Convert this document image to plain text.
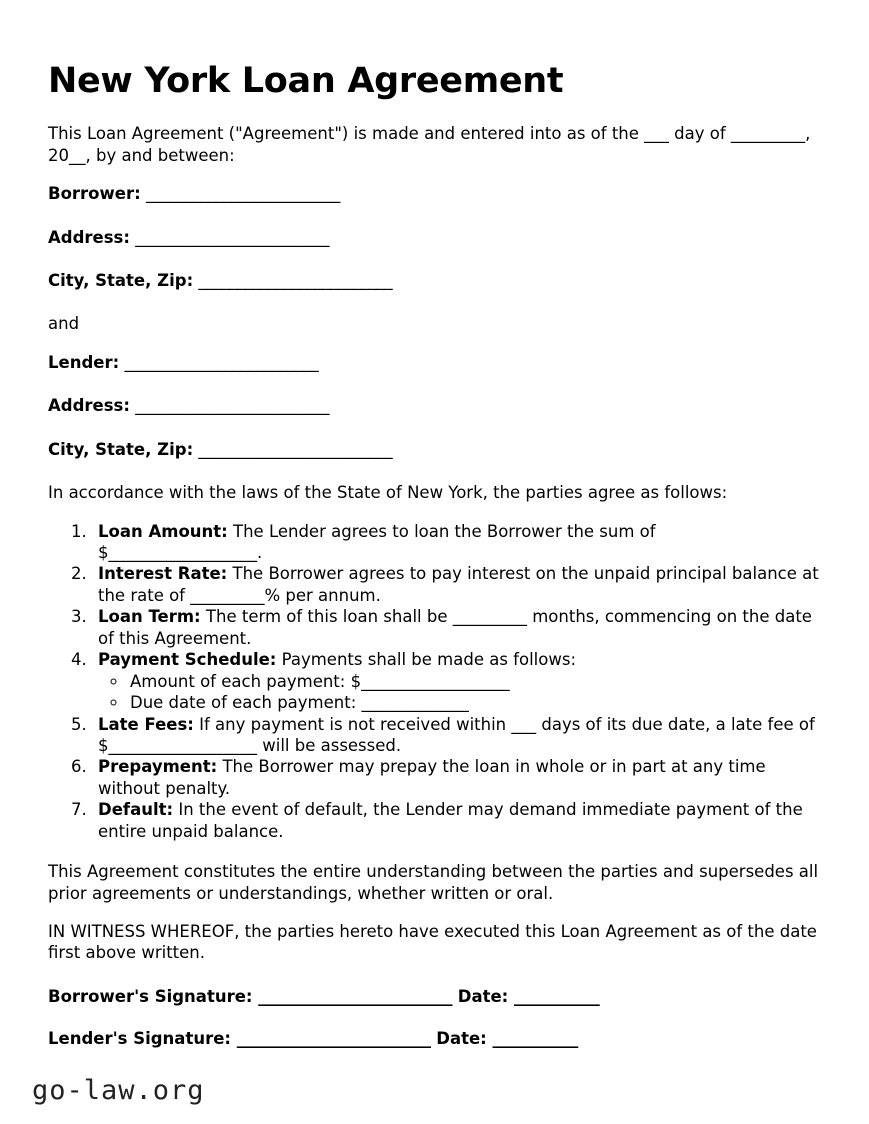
New York Loan Agreement

This Loan Agreement ("Agreement") is made and entered into as of the ___ day of _________, 20__, by and between:

Borrower: _________________________
Address: _________________________
City, State, Zip: _________________________

and

Lender: _________________________
Address: _________________________
City, State, Zip: _________________________

In accordance with the laws of the State of New York, the parties agree as follows:

1. Loan Amount: The Lender agrees to loan the Borrower the sum of $__________________.
2. Interest Rate: The Borrower agrees to pay interest on the unpaid principal balance at the rate of _________% per annum.
3. Loan Term: The term of this loan shall be _________ months, commencing on the date of this Agreement.
4. Payment Schedule: Payments shall be made as follows:
◦ Amount of each payment: $__________________
◦ Due date of each payment: _____________
5. Late Fees: If any payment is not received within ___ days of its due date, a late fee of $__________________ will be assessed.
6. Prepayment: The Borrower may prepay the loan in whole or in part at any time without penalty.
7. Default: In the event of default, the Lender may demand immediate payment of the entire unpaid balance.

This Agreement constitutes the entire understanding between the parties and supersedes all prior agreements or understandings, whether written or oral.

IN WITNESS WHEREOF, the parties hereto have executed this Loan Agreement as of the date first above written.

Borrower's Signature: _________________________ Date: ___________
Lender's Signature: _________________________ Date: ___________
go-law.org
